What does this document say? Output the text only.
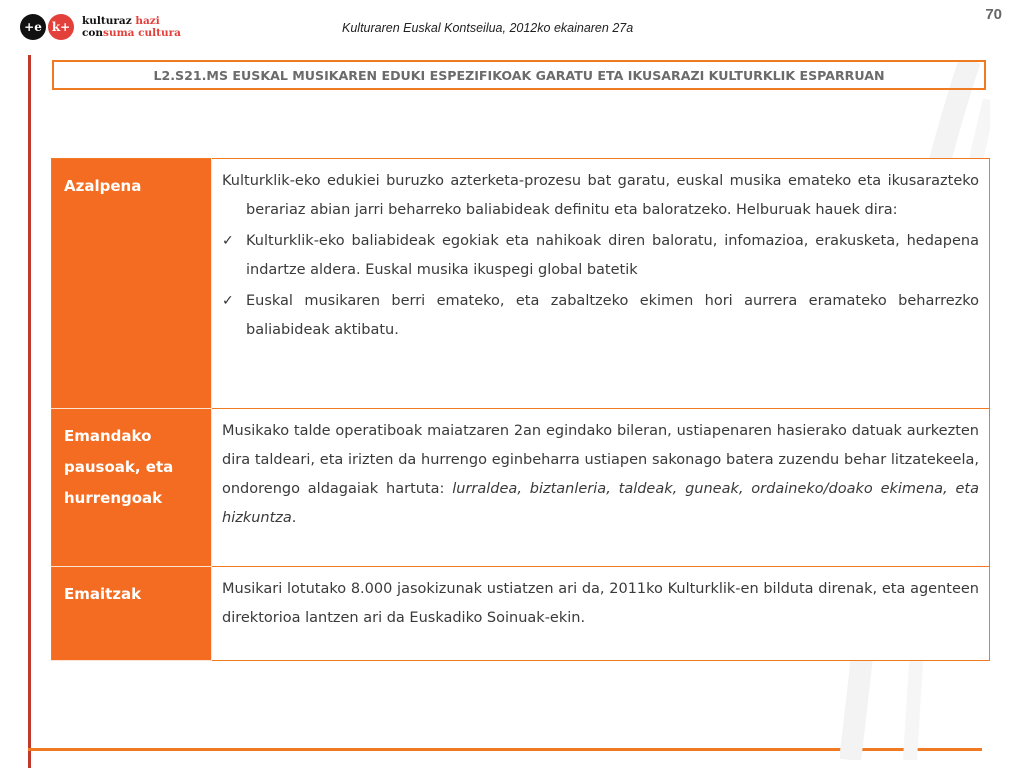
+e k+	kulturaz hazi
consuma cultura	Kulturaren Euskal Kontseilua, 2012ko ekainaren 27a
70
L2.S21.MS EUSKAL MUSIKAREN EDUKI ESPEZIFIKOAK GARATU ETA IKUSARAZI KULTURKLIK ESPARRUAN
Azalpena	Kulturklik-eko edukiei buruzko azterketa-prozesu bat garatu, euskal musika emateko eta ikusarazteko berariaz abian jarri beharreko baliabideak definitu eta baloratzeko. Helburuak hauek dira:

✓ Kulturklik-eko baliabideak egokiak eta nahikoak diren baloratu, infomazioa, erakusketa, hedapena indartze aldera. Euskal musika ikuspegi global batetik
✓ Euskal musikaren berri emateko, eta zabaltzeko ekimen hori aurrera eramateko beharrezko baliabideak aktibatu.

Emandako pausoak, eta hurrengoak	Musikako talde operatiboak maiatzaren 2an egindako bileran, ustiapenaren hasierako datuak aurkezten dira taldeari, eta irizten da hurrengo eginbeharra ustiapen sakonago batera zuzendu behar litzatekeela, ondorengo aldagaiak hartuta: lurraldea, biztanleria, taldeak, guneak, ordaineko/doako ekimena, eta hizkuntza.

Emaitzak	Musikari lotutako 8.000 jasokizunak ustiatzen ari da, 2011ko Kulturklik-en bilduta direnak, eta agenteen direktorioa lantzen ari da Euskadiko Soinuak-ekin.
